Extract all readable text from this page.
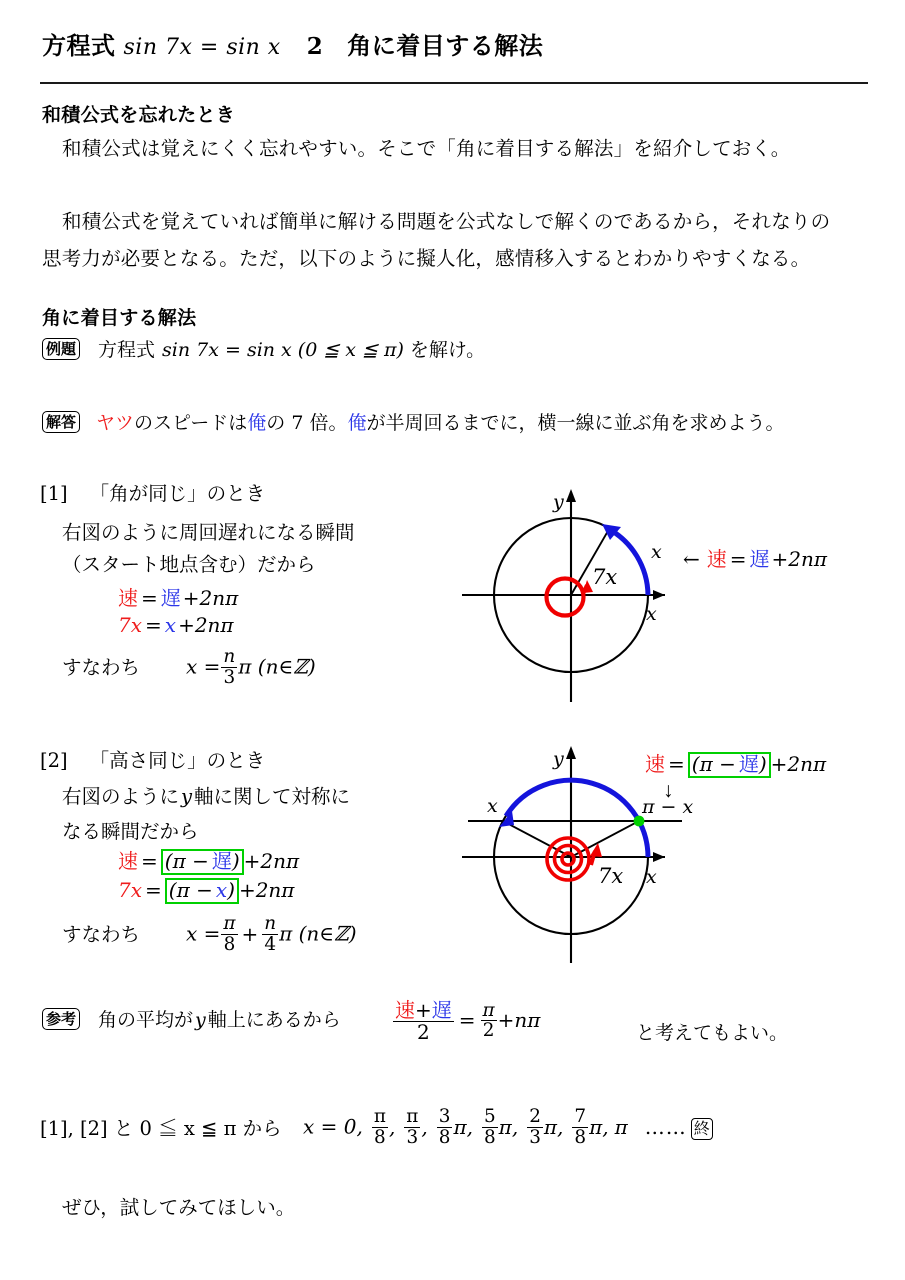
方程式 sin 7x = sin x 2 角に着目する解法
和積公式を忘れたとき
和積公式は覚えにくく忘れやすい。そこで「角に着目する解法」を紹介しておく。
和積公式を覚えていれば簡単に解ける問題を公式なしで解くのであるから，それなりの
思考力が必要となる。ただ，以下のように擬人化，感情移入するとわかりやすくなる。
角に着目する解法
例題 方程式 sin 7x = sin x (0 ≦ x ≦ π) を解け。
解答 ヤツのスピードは俺の 7 倍。俺が半周回るまでに，横一線に並ぶ角を求めよう。
[1] 「角が同じ」のとき
右図のように周回遅れになる瞬間
（スタート地点含む）だから
速 = 遅 +2nπ
7x = x +2nπ
すなわち $x = \frac{n}{3}$ π (n∈ℤ)
y
x
x
7x
← 速 = 遅 +2nπ
[2] 「高さ同じ」のとき
右図のように y 軸に関して対称に
なる瞬間だから
速 = (π − 遅) +2nπ
7x = (π − x) +2nπ
すなわち $x = \frac{\pi}{8} + \frac{n}{4}$ π (n∈ℤ)
y
x
x	π − x
7x
速 = (π − 遅) +2nπ
↓
参考 角の平均が y 軸上にあるから	$\frac{\text{速+遅}}{2} = \frac{\pi}{2} +n\pi$
と考えてもよい。
[1], [2] と 0 ≦ x ≦ π から x = 0, $\frac{\pi}{8}$ , $\frac{\pi}{3}$ , $\frac{3}{8} \pi$, $\frac{5}{8} \pi$, $\frac{2}{3} \pi$, $\frac{7}{8} \pi$, π …… 終
ぜひ，試してみてほしい。
